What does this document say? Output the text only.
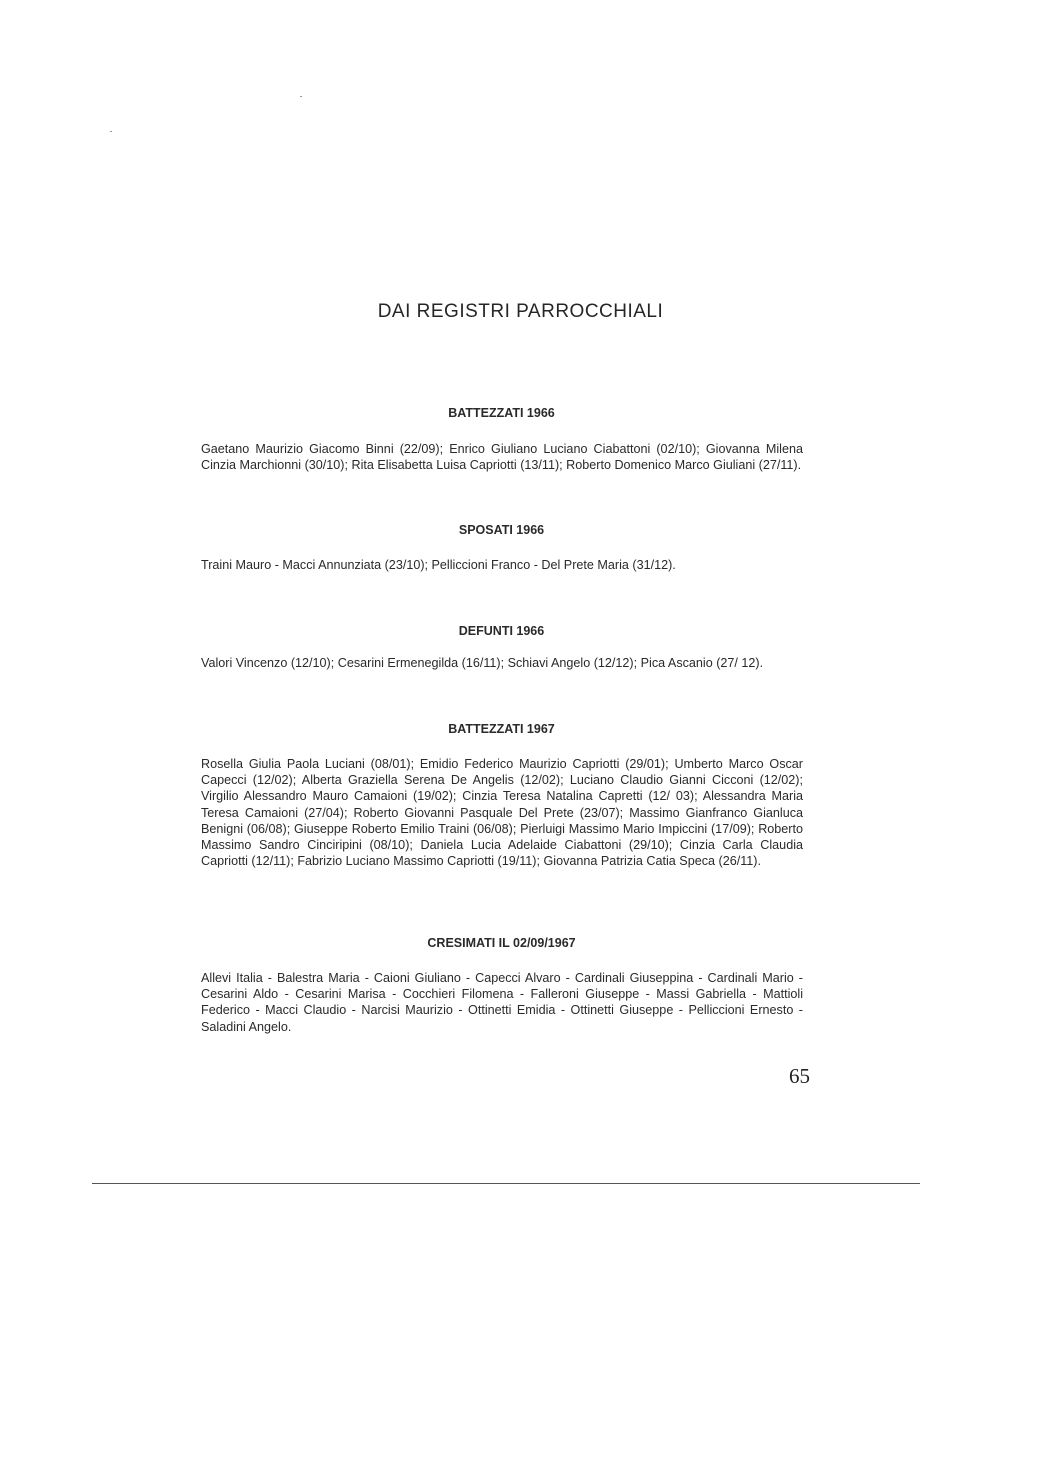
DAI REGISTRI PARROCCHIALI
BATTEZZATI 1966

Gaetano Maurizio Giacomo Binni (22/09); Enrico Giuliano Luciano Ciabattoni (02/10); Giovanna Milena Cinzia Marchionni (30/10); Rita Elisabetta Luisa Capriotti (13/11); Roberto Domenico Marco Giuliani (27/11).

SPOSATI 1966

Traini Mauro - Macci Annunziata (23/10); Pelliccioni Franco - Del Prete Maria (31/12).

DEFUNTI 1966

Valori Vincenzo (12/10); Cesarini Ermenegilda (16/11); Schiavi Angelo (12/12); Pica Ascanio (27/ 12).

BATTEZZATI 1967

Rosella Giulia Paola Luciani (08/01); Emidio Federico Maurizio Capriotti (29/01); Umberto Marco Oscar Capecci (12/02); Alberta Graziella Serena De Angelis (12/02); Luciano Claudio Gianni Cicconi (12/02); Virgilio Alessandro Mauro Camaioni (19/02); Cinzia Teresa Natalina Capretti (12/ 03); Alessandra Maria Teresa Camaioni (27/04); Roberto Giovanni Pasquale Del Prete (23/07); Massimo Gianfranco Gianluca Benigni (06/08); Giuseppe Roberto Emilio Traini (06/08); Pierluigi Massimo Mario Impiccini (17/09); Roberto Massimo Sandro Cinciripini (08/10); Daniela Lucia Adelaide Ciabattoni (29/10); Cinzia Carla Claudia Capriotti (12/11); Fabrizio Luciano Massimo Capriotti (19/11); Giovanna Patrizia Catia Speca (26/11).

CRESIMATI IL 02/09/1967

Allevi Italia - Balestra Maria - Caioni Giuliano - Capecci Alvaro - Cardinali Giuseppina - Cardinali Mario - Cesarini Aldo - Cesarini Marisa - Cocchieri Filomena - Falleroni Giuseppe - Massi Gabriella - Mattioli Federico - Macci Claudio - Narcisi Maurizio - Ottinetti Emidia - Ottinetti Giuseppe - Pelliccioni Ernesto - Saladini Angelo.

65
